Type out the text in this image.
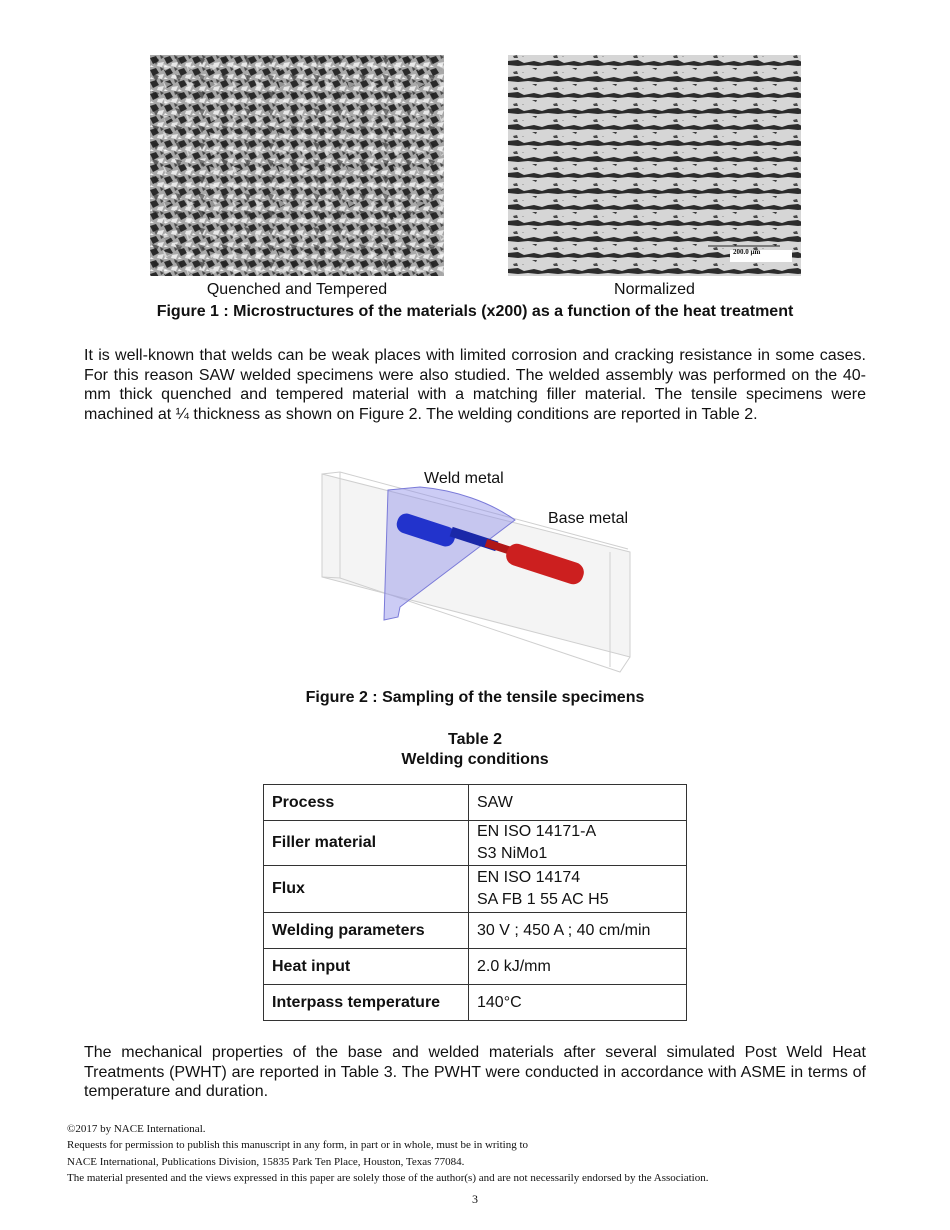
200.0 µm
Quenched and Tempered	Normalized
Figure 1 : Microstructures of the materials (x200) as a function of the heat treatment

It is well-known that welds can be weak places with limited corrosion and cracking resistance in some cases. For this reason SAW welded specimens were also studied. The welded assembly was performed on the 40-mm thick quenched and tempered material with a matching filler material. The tensile specimens were machined at ¼ thickness as shown on Figure 2. The welding conditions are reported in Table 2.

Weld metal
Base metal
Figure 2 : Sampling of the tensile specimens
Table 2
Welding conditions
Process	SAW
Filler material	EN ISO 14171-A
S3 NiMo1

Flux	EN ISO 14174
SA FB 1 55 AC H5

Welding parameters	30 V ; 450 A ; 40 cm/min
Heat input	2.0 kJ/mm
Interpass temperature	140°C

The mechanical properties of the base and welded materials after several simulated Post Weld Heat Treatments (PWHT) are reported in Table 3. The PWHT were conducted in accordance with ASME in terms of temperature and duration.

©2017 by NACE International.
Requests for permission to publish this manuscript in any form, in part or in whole, must be in writing to
NACE International, Publications Division, 15835 Park Ten Place, Houston, Texas 77084.
The material presented and the views expressed in this paper are solely those of the author(s) and are not necessarily endorsed by the Association.
3
